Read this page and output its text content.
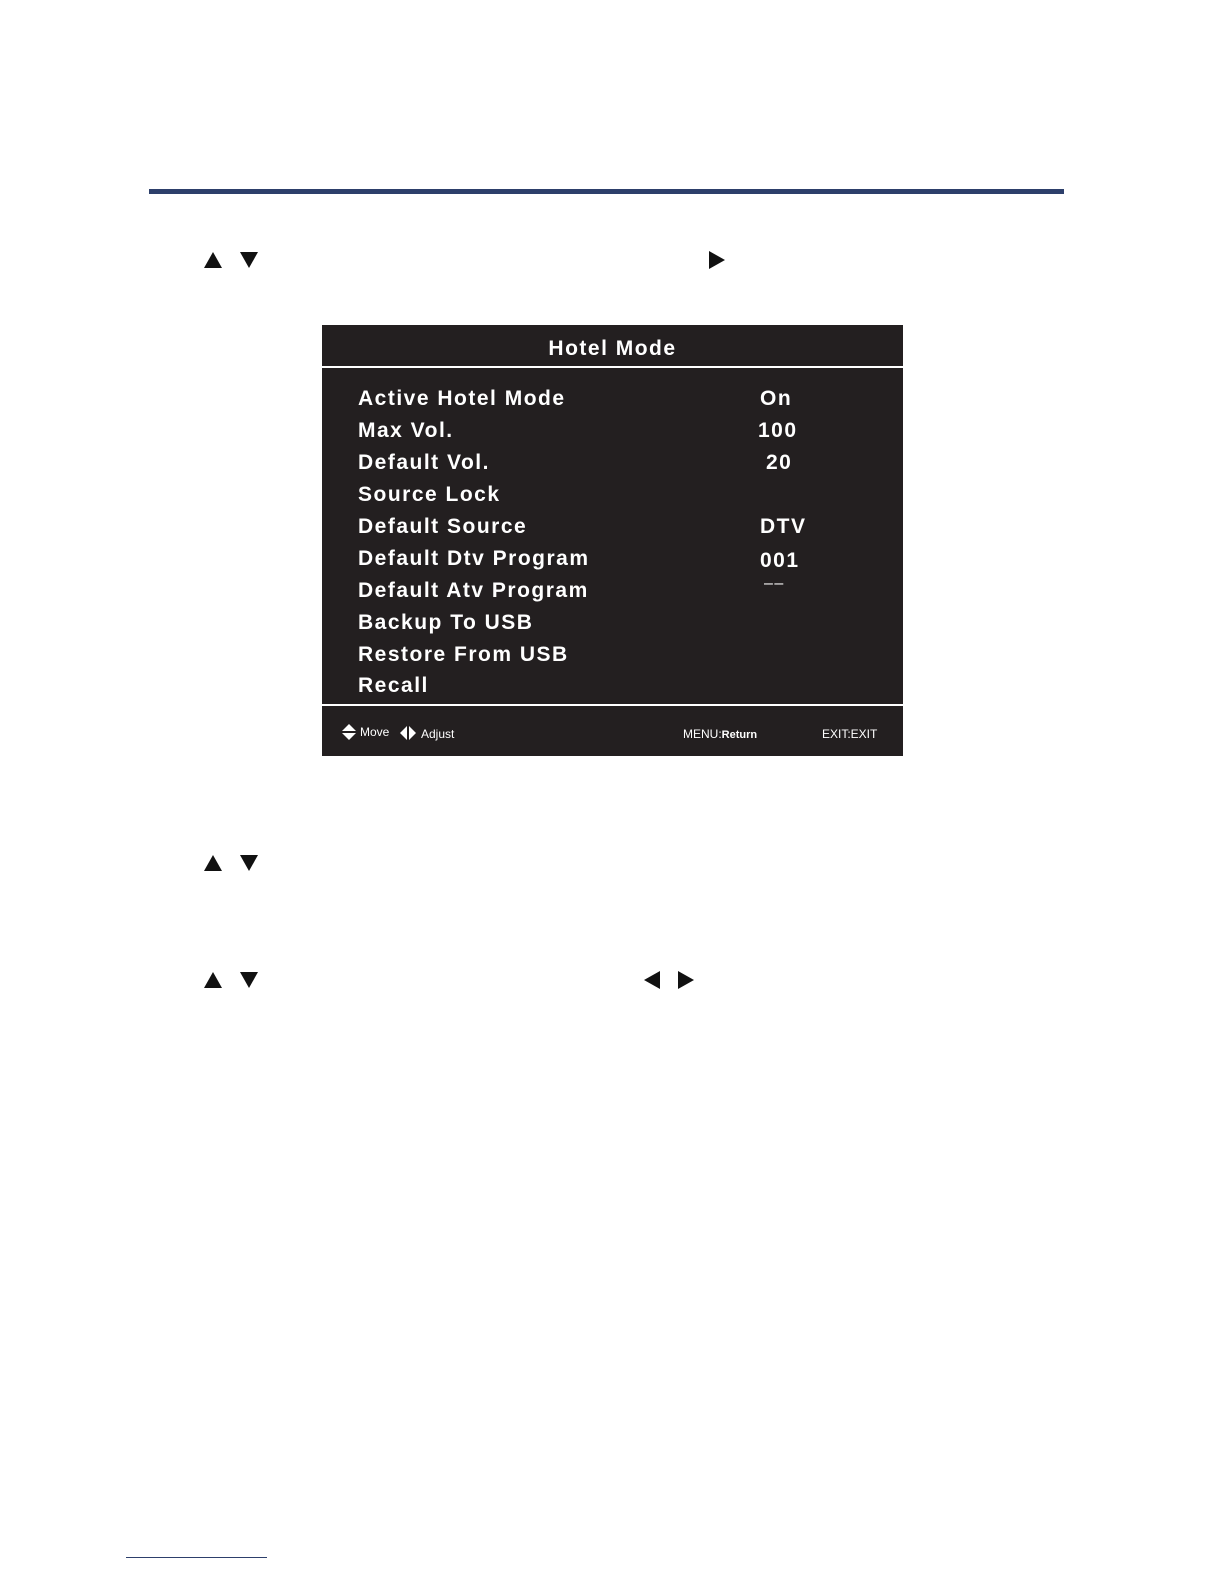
Hotel Mode
Active Hotel Mode	On
Max Vol.	100
Default Vol.	20
Source Lock
Default Source	DTV
Default Dtv Program	001
Default Atv Program	––
Backup To USB
Restore From USB
Recall
Move	Adjust	MENU:Return	EXIT:EXIT
